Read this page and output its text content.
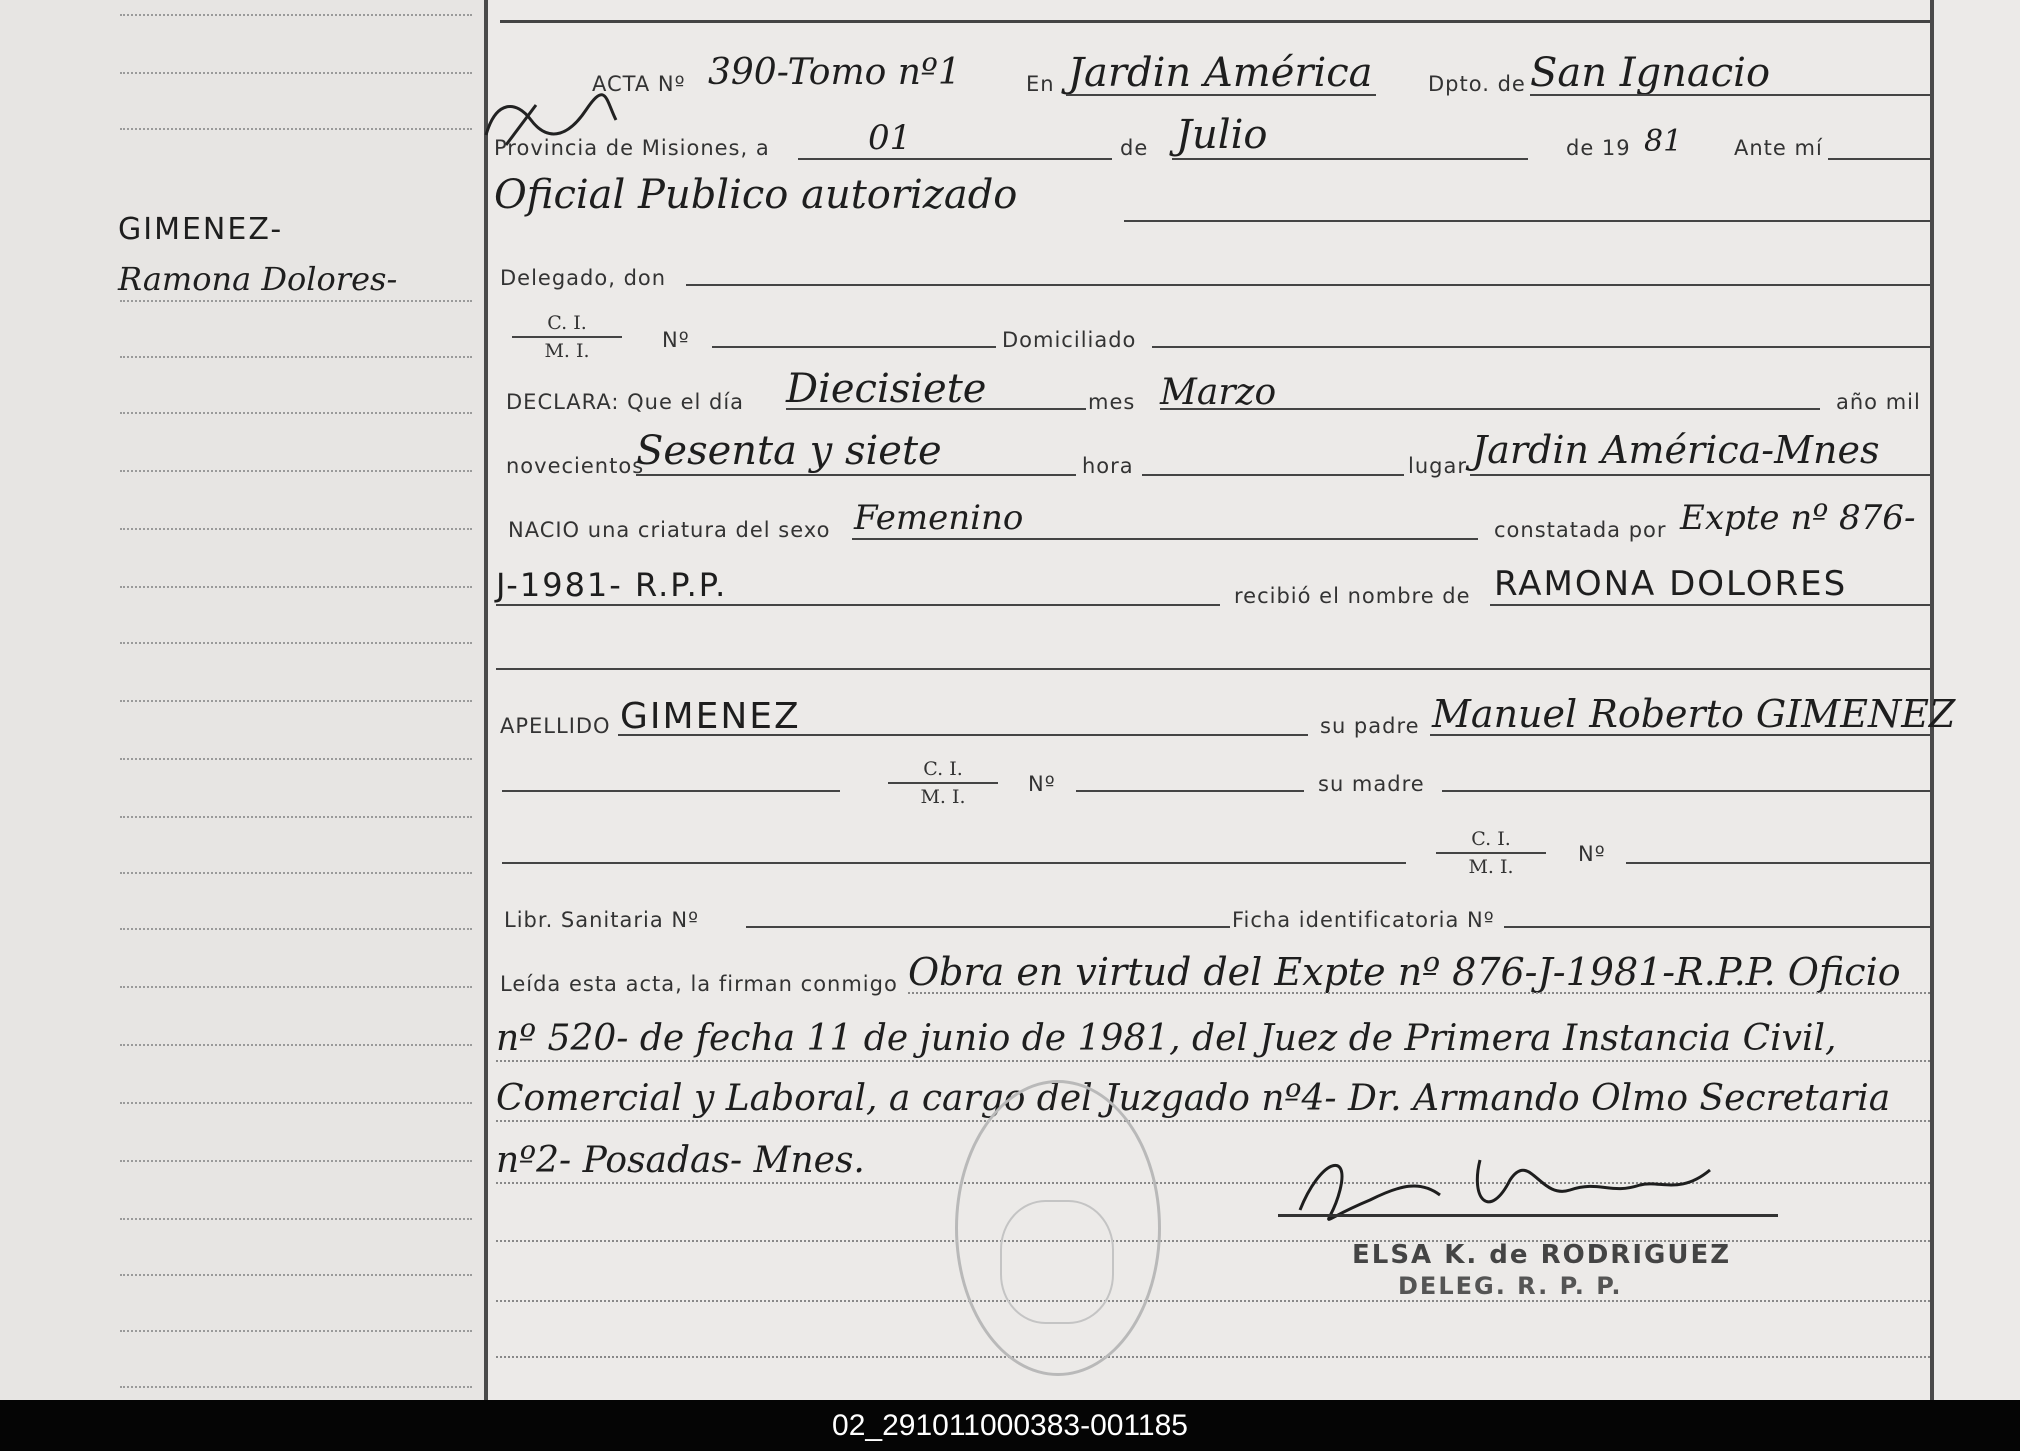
GIMENEZ-
Ramona Dolores-
ACTA Nº 390-Tomo nº1	En Jardin América	Dpto. de San Ignacio
Provincia de Misiones, a	01	de Julio	de 19 81 Ante mí
Oficial Publico autorizado
Delegado, don
$\frac{C. I.}{M. I.}$ Nº	Domiciliado
DECLARA: Que el día Diecisiete	mes Marzo	año mil
novecientos
Sesenta y siete	hora	lugar Jardin América-Mnes
NACIO una criatura del sexo Femenino	constatada por Expte nº 876-
J-1981- R.P.P.	recibió el nombre de RAMONA DOLORES
APELLIDO GIMENEZ	su padre Manuel Roberto GIMENEZ
$\frac{C. I.}{M. I.}$ Nº	su madre
$\frac{C. I.}{M. I.}$ Nº
Libr. Sanitaria Nº	Ficha identificatoria Nº
Leída esta acta, la firman conmigo Obra en virtud del Expte nº 876-J-1981-R.P.P. Oficio
nº 520- de fecha 11 de junio de 1981, del Juez de Primera Instancia Civil,
Comercial y Laboral, a cargo del Juzgado nº4- Dr. Armando Olmo Secretaria
nº2- Posadas- Mnes.
ELSA K. de RODRIGUEZ
DELEG. R. P. P.
02_291011000383-001185
